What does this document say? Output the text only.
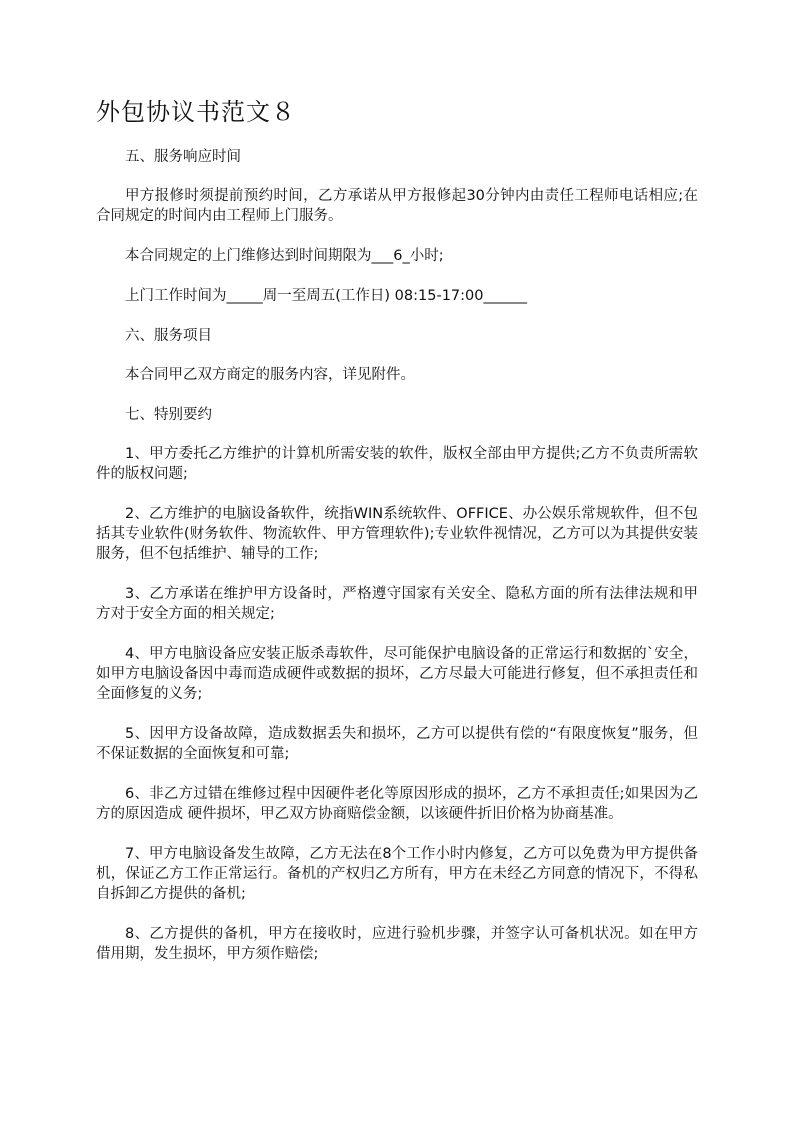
外包协议书范文８

五、服务响应时间

甲方报修时须提前预约时间，乙方承诺从甲方报修起30分钟内由责任工程师电话相应;在合同规定的时间内由工程师上门服务。

本合同规定的上门维修达到时间期限为___6_小时;

上门工作时间为_____周一至周五(工作日) 08:15-17:00______

六、服务项目

本合同甲乙双方商定的服务内容，详见附件。

七、特别要约

1、甲方委托乙方维护的计算机所需安装的软件，版权全部由甲方提供;乙方不负责所需软件的版权问题;

2、乙方维护的电脑设备软件，统指WIN系统软件、OFFICE、办公娱乐常规软件，但不包括其专业软件(财务软件、物流软件、甲方管理软件);专业软件视情况，乙方可以为其提供安装服务，但不包括维护、辅导的工作;

3、乙方承诺在维护甲方设备时，严格遵守国家有关安全、隐私方面的所有法律法规和甲方对于安全方面的相关规定;

4、甲方电脑设备应安装正版杀毒软件，尽可能保护电脑设备的正常运行和数据的`安全，如甲方电脑设备因中毒而造成硬件或数据的损坏，乙方尽最大可能进行修复，但不承担责任和全面修复的义务;

5、因甲方设备故障，造成数据丢失和损坏，乙方可以提供有偿的“有限度恢复”服务，但不保证数据的全面恢复和可靠;

6、非乙方过错在维修过程中因硬件老化等原因形成的损坏，乙方不承担责任;如果因为乙方的原因造成 硬件损坏，甲乙双方协商赔偿金额，以该硬件折旧价格为协商基准。

7、甲方电脑设备发生故障，乙方无法在8个工作小时内修复，乙方可以免费为甲方提供备机，保证乙方工作正常运行。备机的产权归乙方所有，甲方在未经乙方同意的情况下，不得私自拆卸乙方提供的备机;

8、乙方提供的备机，甲方在接收时，应进行验机步骤，并签字认可备机状况。如在甲方借用期，发生损坏，甲方须作赔偿;
